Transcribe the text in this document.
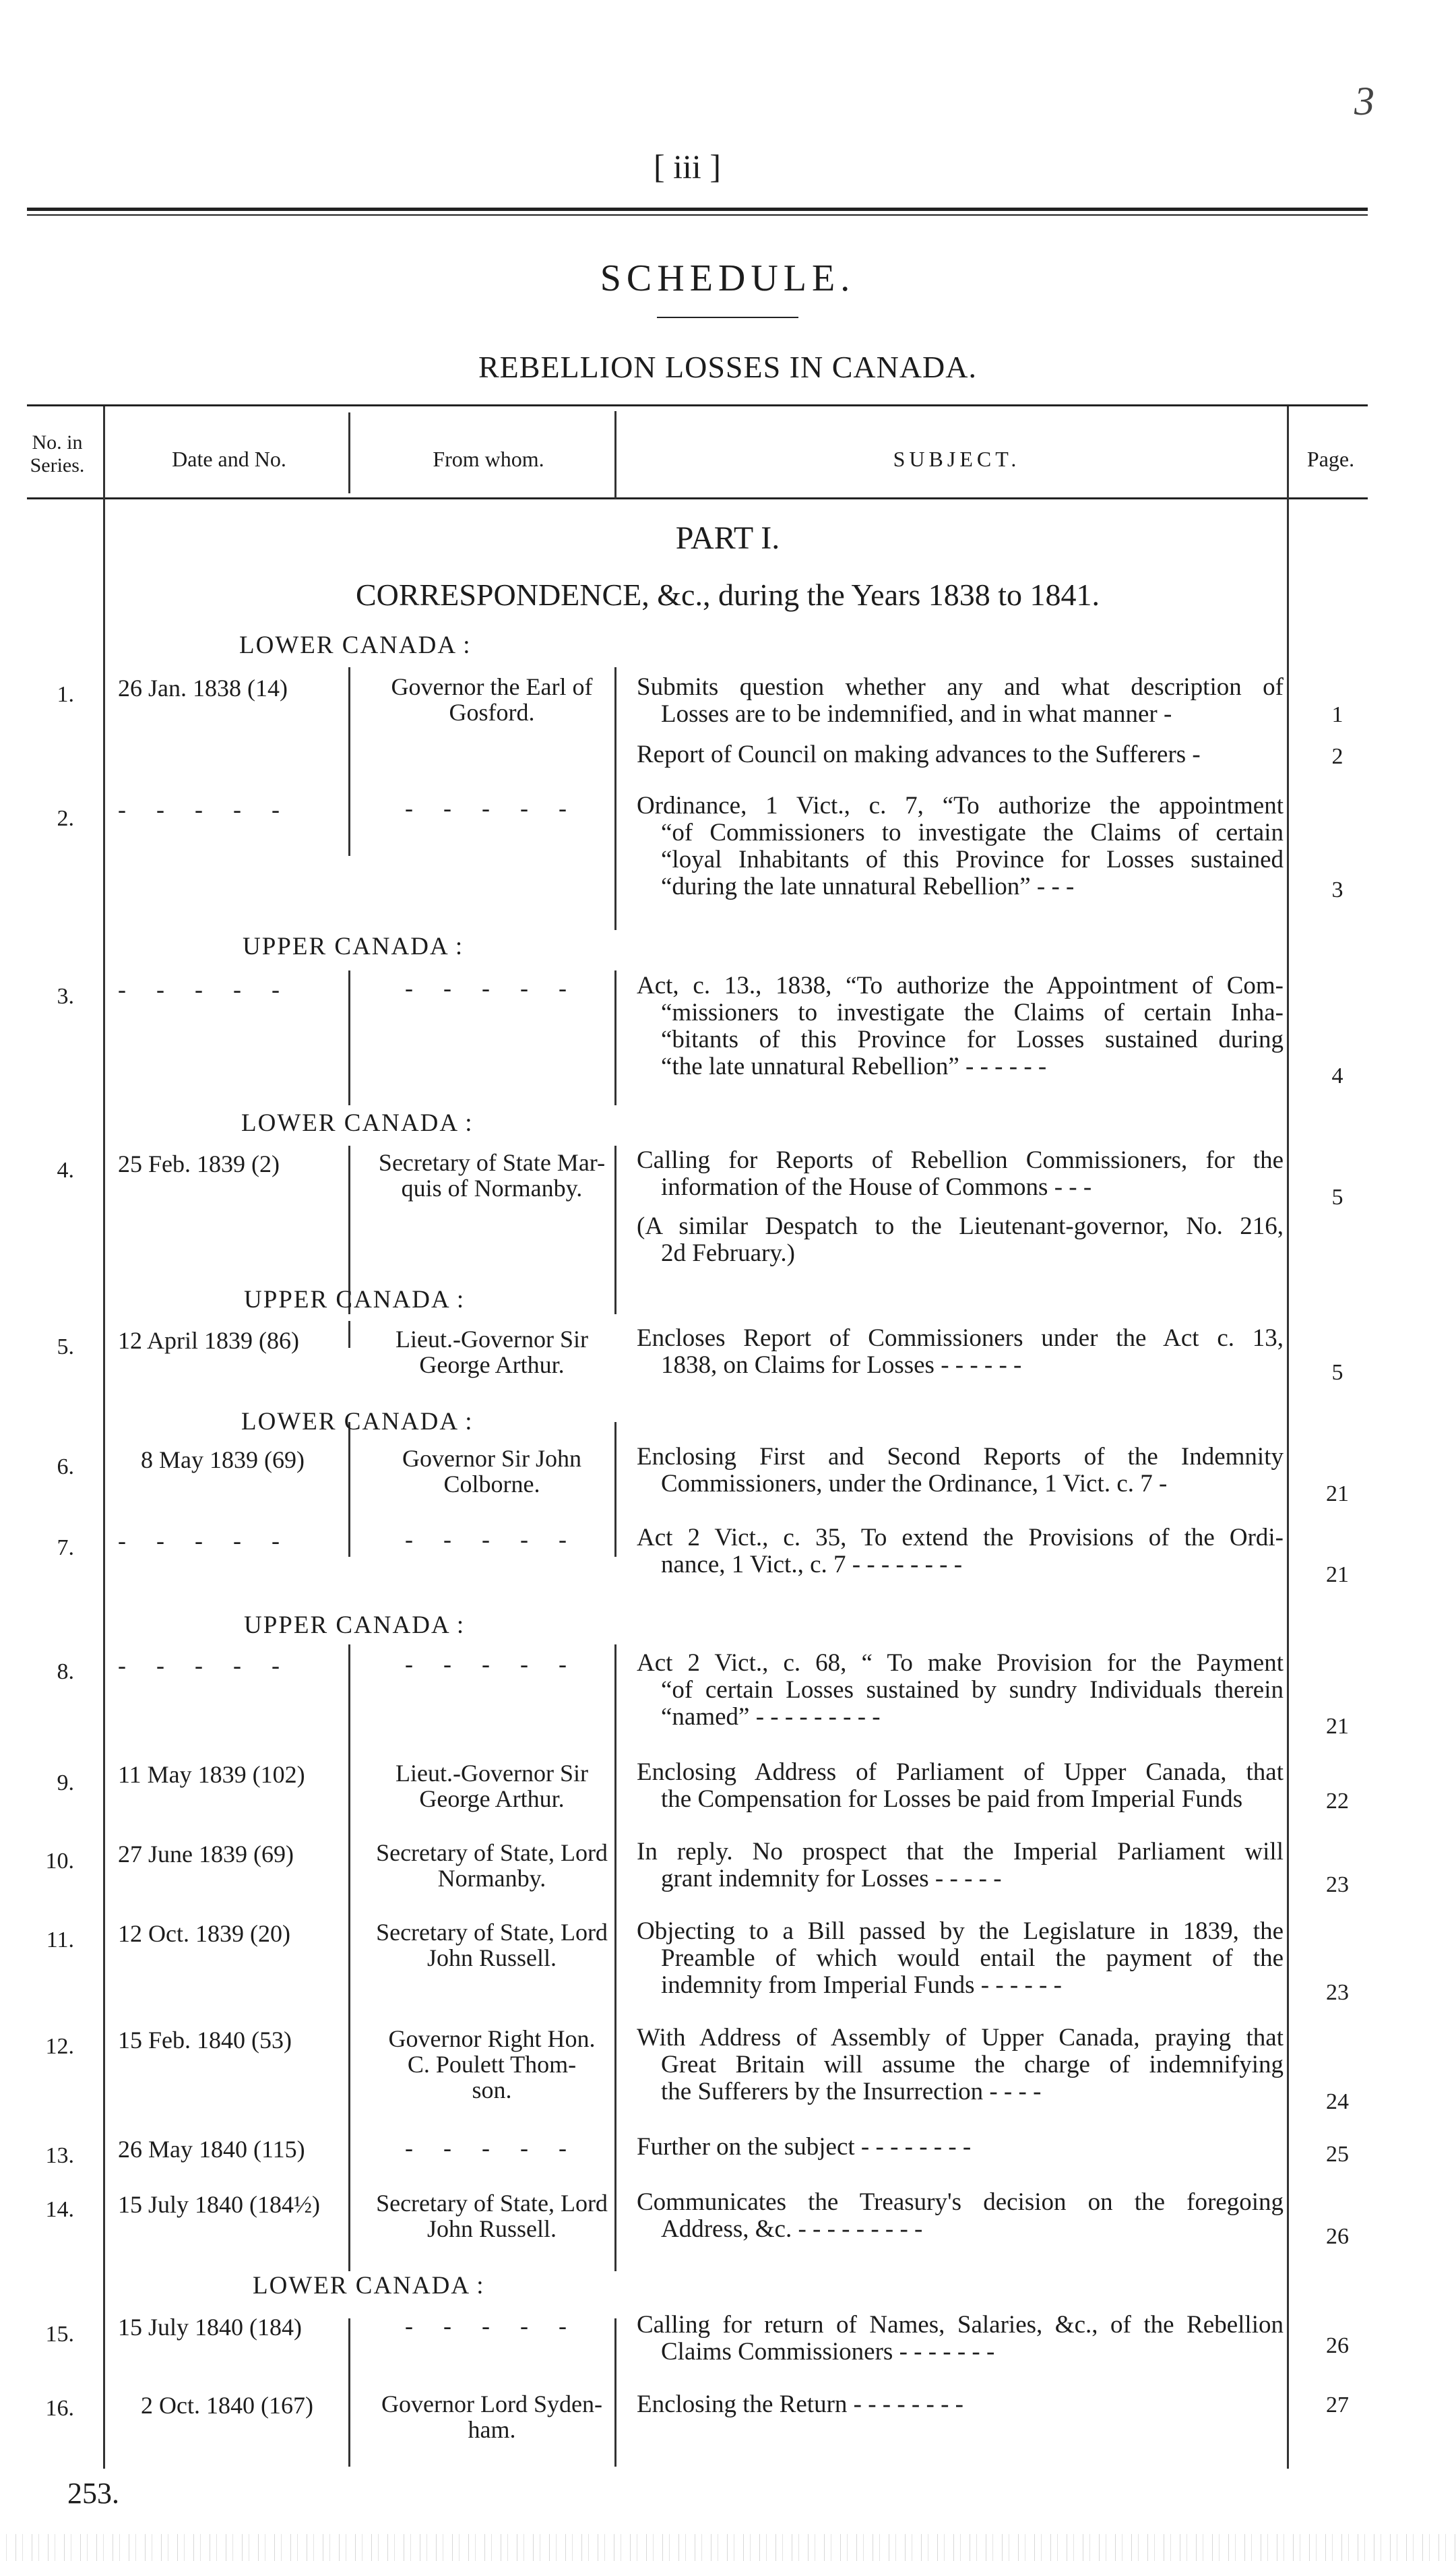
3
[ iii ]
SCHEDULE.
REBELLION LOSSES IN CANADA.
No. in
Series.	Date and No.	From whom.	SUBJECT.	Page.
PART I.
CORRESPONDENCE, &c., during the Years 1838 to 1841.
LOWER CANADA :
UPPER CANADA :
LOWER CANADA :
UPPER CANADA :
LOWER CANADA :
UPPER CANADA :
LOWER CANADA :
1. 26 Jan. 1838 (14)	Governor the Earl of
Gosford.
Submits question whether any and what description of
Losses are to be indemnified, and in what manner -	1
Report of Council on making advances to the Sufferers -	2
2. - - - - -	- - - - -	Ordinance, 1 Vict., c. 7, “To authorize the appointment
“of Commissioners to investigate the Claims of certain
“loyal Inhabitants of this Province for Losses sustained
“during the late unnatural Rebellion” - - -	3
3. - - - - -	- - - - -	Act, c. 13., 1838, “To authorize the Appointment of Com-
“missioners to investigate the Claims of certain Inha-
“bitants of this Province for Losses sustained during
“the late unnatural Rebellion” - - - - - -	4
4. 25 Feb. 1839 (2)	Secretary of State Mar-
quis of Normanby.
Calling for Reports of Rebellion Commissioners, for the
information of the House of Commons - - -	5
(A similar Despatch to the Lieutenant-governor, No. 216,
2d February.)
5. 12 April 1839 (86)	Lieut.-Governor Sir
George Arthur.
Encloses Report of Commissioners under the Act c. 13,
1838, on Claims for Losses - - - - - -	5
6.	8 May 1839 (69)	Governor Sir John
Colborne.
Enclosing First and Second Reports of the Indemnity
Commissioners, under the Ordinance, 1 Vict. c. 7 -	21
7. - - - - -	- - - - -	Act 2 Vict., c. 35, To extend the Provisions of the Ordi-
nance, 1 Vict., c. 7 - - - - - - - -	21
8. - - - - -	- - - - -	Act 2 Vict., c. 68, “ To make Provision for the Payment
“of certain Losses sustained by sundry Individuals therein
“named” - - - - - - - - -	21
9. 11 May 1839 (102)	Lieut.-Governor Sir
George Arthur.
Enclosing Address of Parliament of Upper Canada, that
the Compensation for Losses be paid from Imperial Funds	22
10. 27 June 1839 (69)	Secretary of State, Lord
Normanby.
In reply. No prospect that the Imperial Parliament will
grant indemnity for Losses - - - - -	23
11. 12 Oct. 1839 (20)	Secretary of State, Lord
John Russell.
Objecting to a Bill passed by the Legislature in 1839, the
Preamble of which would entail the payment of the
indemnity from Imperial Funds - - - - - -	23
12. 15 Feb. 1840 (53)	Governor Right Hon.
C. Poulett Thom-
son.
With Address of Assembly of Upper Canada, praying that
Great Britain will assume the charge of indemnifying
the Sufferers by the Insurrection - - - -	24
13. 26 May 1840 (115)	- - - - -	Further on the subject - - - - - - - -	25
14. 15 July 1840 (184½)	Secretary of State, Lord
John Russell.
Communicates the Treasury's decision on the foregoing
Address, &c. - - - - - - - - -	26
15. 15 July 1840 (184)	- - - - -	Calling for return of Names, Salaries, &c., of the Rebellion
Claims Commissioners - - - - - - -	26
16.	2 Oct. 1840 (167)	Governor Lord Syden-
ham.
Enclosing the Return - - - - - - - -	27
253.
